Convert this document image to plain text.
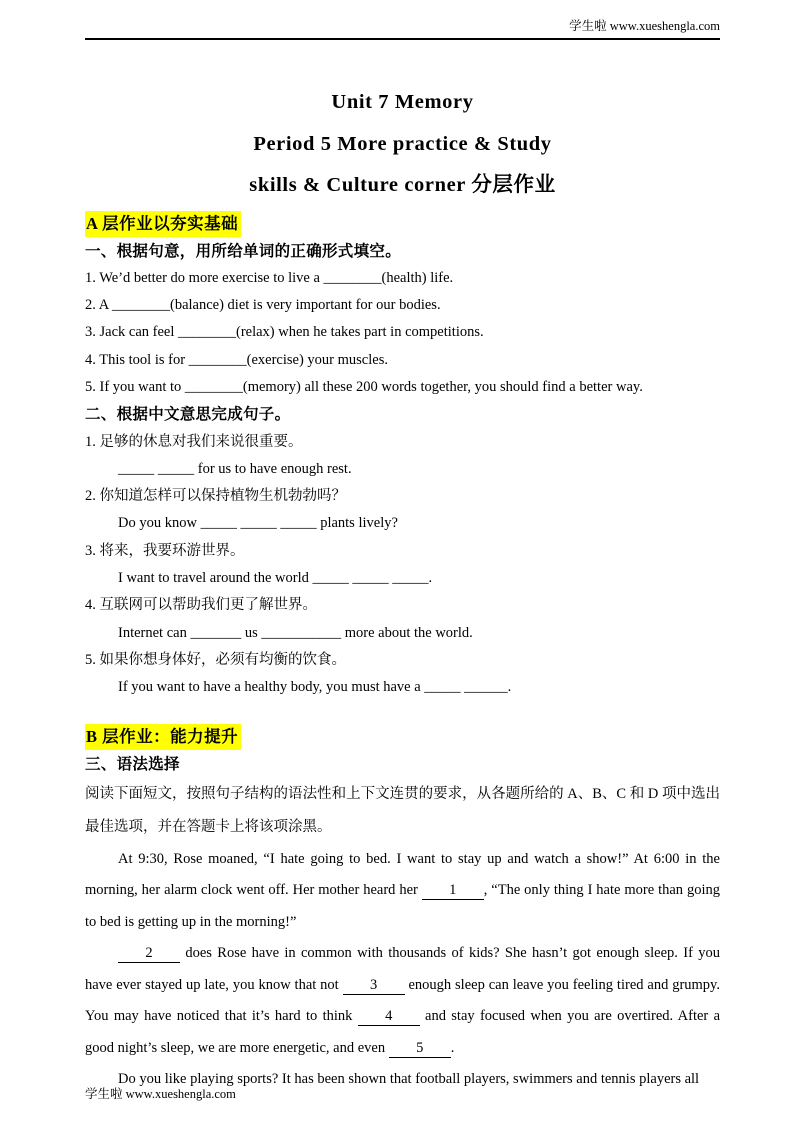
学生啦 www.xueshengla.com
Unit 7 Memory
Period 5 More practice & Study
skills & Culture corner 分层作业
A 层作业以夯实基础
一、根据句意，用所给单词的正确形式填空。
1. We’d better do more exercise to live a ________(health) life.
2. A ________(balance) diet is very important for our bodies.
3. Jack can feel ________(relax) when he takes part in competitions.
4. This tool is for ________(exercise) your muscles.
5. If you want to ________(memory) all these 200 words together, you should find a better way.
二、根据中文意思完成句子。
1. 足够的休息对我们来说很重要。
_____ _____ for us to have enough rest.
2. 你知道怎样可以保持植物生机勃勃吗？
Do you know _____ _____ _____ plants lively?
3. 将来，我要环游世界。
I want to travel around the world _____ _____ _____.
4. 互联网可以帮助我们更了解世界。
Internet can _______ us ___________ more about the world.
5. 如果你想身体好，必须有均衡的饮食。
If you want to have a healthy body, you must have a _____ ______.
B 层作业：能力提升
三、语法选择
阅读下面短文，按照句子结构的语法性和上下文连贯的要求，从各题所给的 A、B、C 和 D 项中选出最佳选项，并在答题卡上将该项涂黑。

At 9:30, Rose moaned, “I hate going to bed. I want to stay up and watch a show!” At 6:00 in the morning, her alarm clock went off. Her mother heard her 1 , “The only thing I hate more than going to bed is getting up in the morning!”

2 does Rose have in common with thousands of kids? She hasn’t got enough sleep. If you have ever stayed up late, you know that not 3 enough sleep can leave you feeling tired and grumpy. You may have noticed that it’s hard to think 4 and stay focused when you are overtired. After a good night’s sleep, we are more energetic, and even 5 .

Do you like playing sports? It has been shown that football players, swimmers and tennis players all

学生啦 www.xueshengla.com
